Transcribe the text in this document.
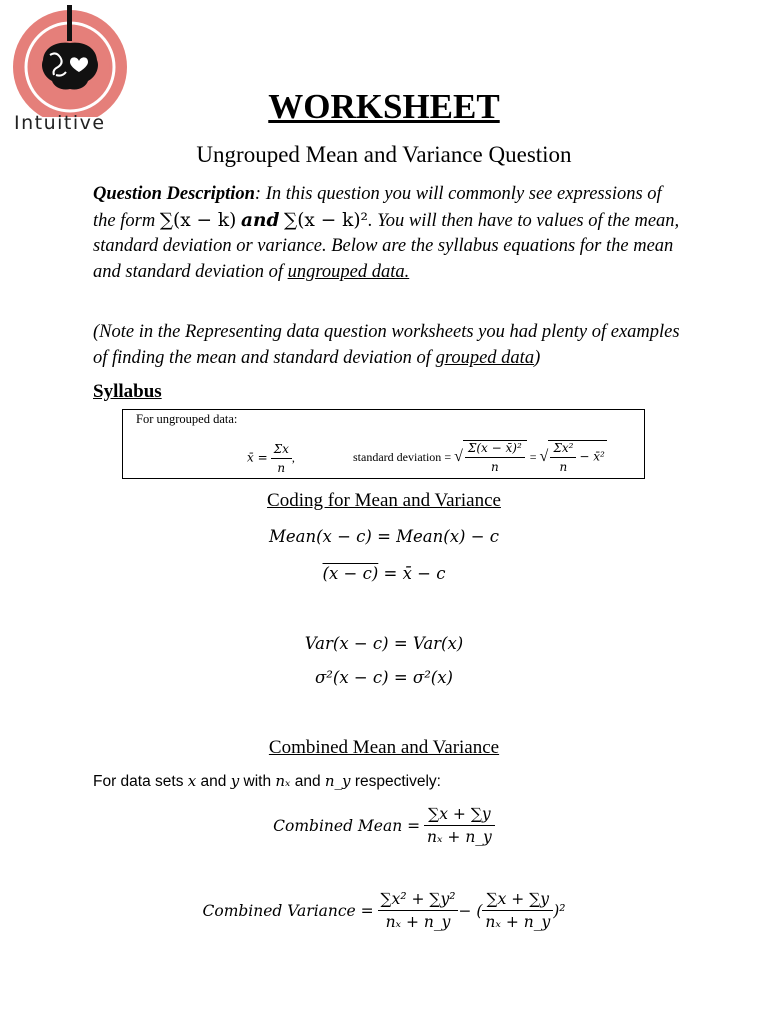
Intuitive	WORKSHEET
Ungrouped Mean and Variance Question
Question Description: In this question you will commonly see expressions of the form ∑(x − k) and ∑(x − k)². You will then have to values of the mean, standard deviation or variance. Below are the syllabus equations for the mean and standard deviation of ungrouped data.
(Note in the Representing data question worksheets you had plenty of examples of finding the mean and standard deviation of grouped data)
Syllabus
For ungrouped data:
x̄ = $\frac{\Sigma x}{n}$ ,	standard deviation = √ $\frac{\text{Σ(x − x̄)²}}{n}$ = √ $\frac{\text{Σx²}}{n}$ − x̄²
Coding for Mean and Variance
Mean(x − c) = Mean(x) − c
(x − c) = x̄ − c
Var(x − c) = Var(x)
σ²(x − c) = σ²(x)
Combined Mean and Variance
For data sets x and y with nₓ and n_y respectively:
Combined Mean = $\frac{\sum x + \sum y}{\text{nₓ + n\_y}}$
Combined Variance = $\frac{\text{∑x² + ∑y²}}{\text{nₓ + n\_y}}$ − ( $\frac{\sum x + \sum y}{\text{nₓ + n\_y}} )^2$
